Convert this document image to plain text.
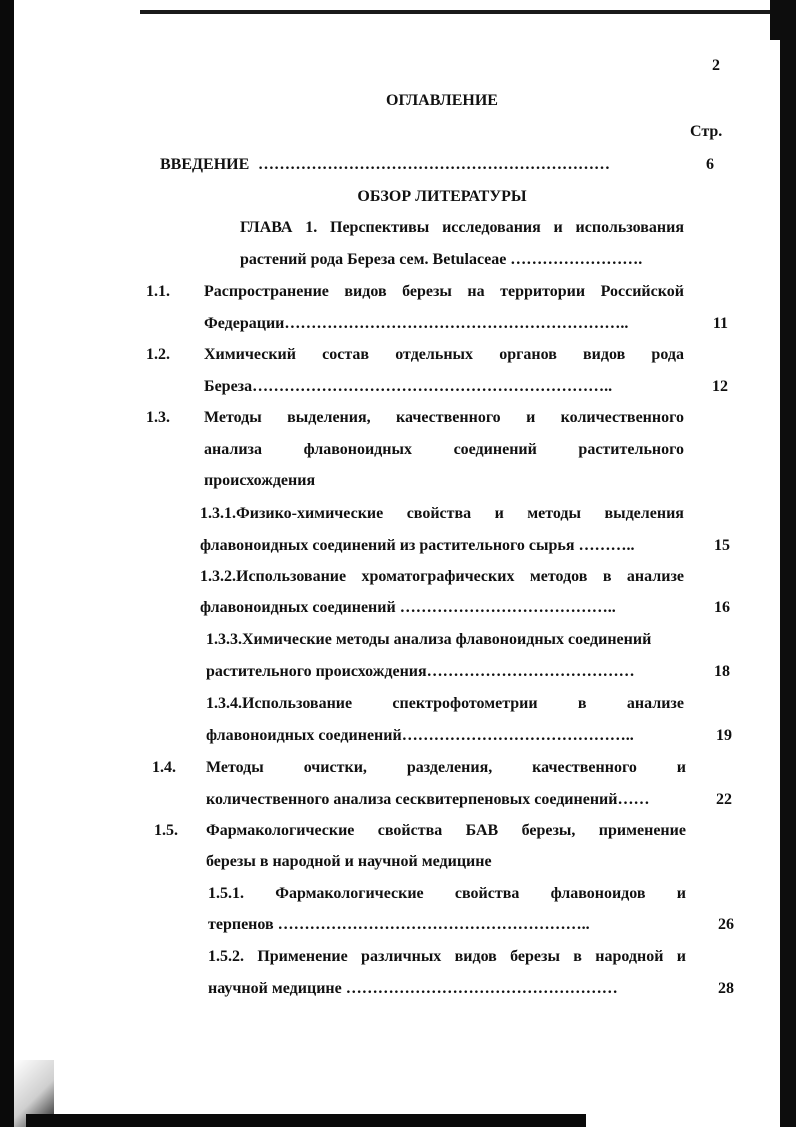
2
ОГЛАВЛЕНИЕ
Стр.
ВВЕДЕНИЕ …………………………………………………………	6
ОБЗОР ЛИТЕРАТУРЫ
ГЛАВА 1. Перспективы исследования и использования
растений рода Береза сем. Betulaceae …………………….
1.1. Распространение видов березы на территории Российской
Федерации………………………………………………………..	11
1.2. Химический состав отдельных органов видов рода
Береза…………………………………………………………..	12
1.3. Методы выделения, качественного и количественного
анализа	флавоноидных	соединений	растительного
происхождения
1.3.1.Физико-химические свойства и методы выделения
флавоноидных соединений из растительного сырья ………..	15
1.3.2.Использование хроматографических методов в анализе
флавоноидных соединений …………………………………..	16
1.3.3.Химические методы анализа флавоноидных соединений
растительного происхождения…………………………………	18
1.3.4.Использование	спектрофотометрии	в	анализе
флавоноидных соединений……………………………………..	19
1.4. Методы очистки, разделения, качественного и
количественного анализа сесквитерпеновых соединений……	22
1.5. Фармакологические свойства БАВ березы, применение
березы в народной и научной медицине
1.5.1. Фармакологические свойства флавоноидов и
терпенов …………………………………………………..	26
1.5.2. Применение различных видов березы в народной и
научной медицине ……………………………………………	28
